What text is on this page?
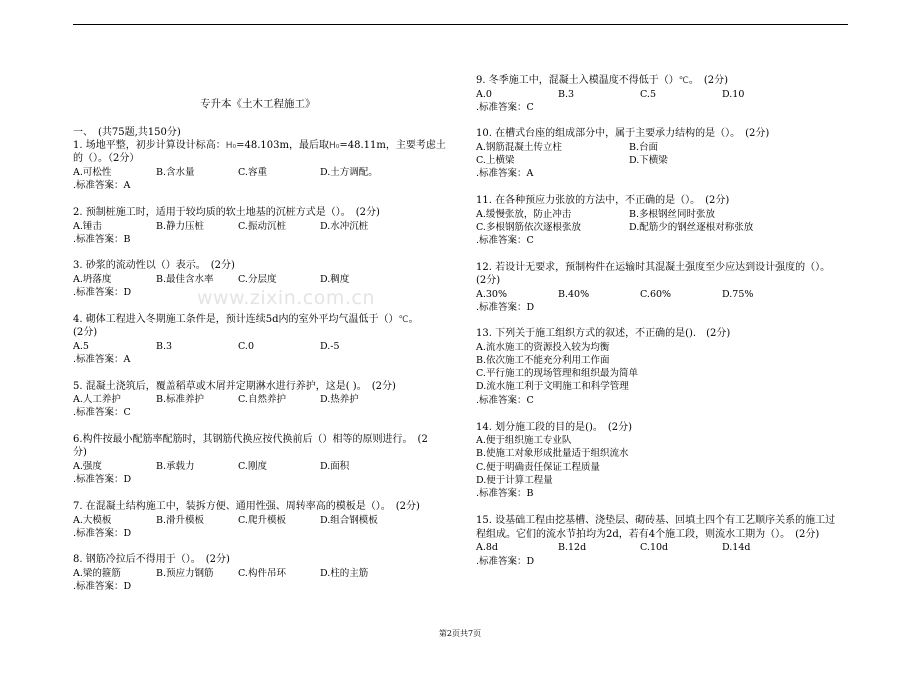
专升本《土木工程施工》
一、　(共75题,共150分)
1. 场地平整，初步计算设计标高：H₀=48.103m，最后取H₀=48.11m，主要考虑土
的（）。（2分）
A.可松性	B.含水量	C.容重	D.土方调配。
.标准答案：A
2. 预制桩施工时，适用于较均质的软土地基的沉桩方式是（）。　(2分)
A.锤击	B.静力压桩	C.振动沉桩	D.水冲沉桩
.标准答案：B
3. 砂浆的流动性以（）表示。　(2分)
A.坍落度	B.最佳含水率	C.分层度	D.稠度
.标准答案：D
4. 砌体工程进入冬期施工条件是，预计连续5d内的室外平均气温低于（）℃。
(2分)
A.5	B.3	C.0	D.-5
.标准答案：A
5. 混凝土浇筑后，覆盖稻草或木屑并定期淋水进行养护，这是( )。　(2分)
A.人工养护	B.标准养护	C.自然养护	D.热养护
.标准答案：C
6.构件按最小配筋率配筋时，其钢筋代换应按代换前后（）相等的原则进行。　(2
分)
A.强度	B.承载力	C.刚度	D.面积
.标准答案：D
7. 在混凝土结构施工中，装拆方便、通用性强、周转率高的模板是（）。　(2分)
A.大模板	B.滑升模板	C.爬升模板	D.组合钢模板
.标准答案：D
8. 钢筋冷拉后不得用于（）。　(2分)
A.梁的箍筋	B.预应力钢筋	C.构件吊环	D.柱的主筋
.标准答案：D
9. 冬季施工中，混凝土入模温度不得低于（）℃。　(2分)
A.0	B.3	C.5	D.10
.标准答案：C
10. 在槽式台座的组成部分中，属于主要承力结构的是（）。　(2分)
A.钢筋混凝土传立柱	B.台面
C.上横梁	D.下横梁
.标准答案：A
11. 在各种预应力张放的方法中，不正确的是（）。　(2分)
A.缓慢张放，防止冲击	B.多根钢丝同时张放
C.多根钢筋依次逐根张放	D.配筋少的钢丝逐根对称张放
.标准答案：C
12. 若设计无要求，预制构件在运输时其混凝土强度至少应达到设计强度的（）。
(2分)
A.30%	B.40%	C.60%	D.75%
.标准答案：D
13. 下列关于施工组织方式的叙述，不正确的是().　(2分)
A.流水施工的资源投入较为均衡
B.依次施工不能充分利用工作面
C.平行施工的现场管理和组织最为简单
D.流水施工利于文明施工和科学管理
.标准答案：C
14. 划分施工段的目的是()。　(2分)
A.便于组织施工专业队
B.使施工对象形成批量适于组织流水
C.便于明确责任保证工程质量
D.便于计算工程量
.标准答案：B
15. 设基础工程由挖基槽、浇垫层、砌砖基、回填土四个有工艺顺序关系的施工过
程组成。它们的流水节拍均为2d，若有4个施工段，则流水工期为（）。　(2分)
A.8d	B.12d	C.10d	D.14d
.标准答案：D
www.zixin.com.cn
第2页共7页
